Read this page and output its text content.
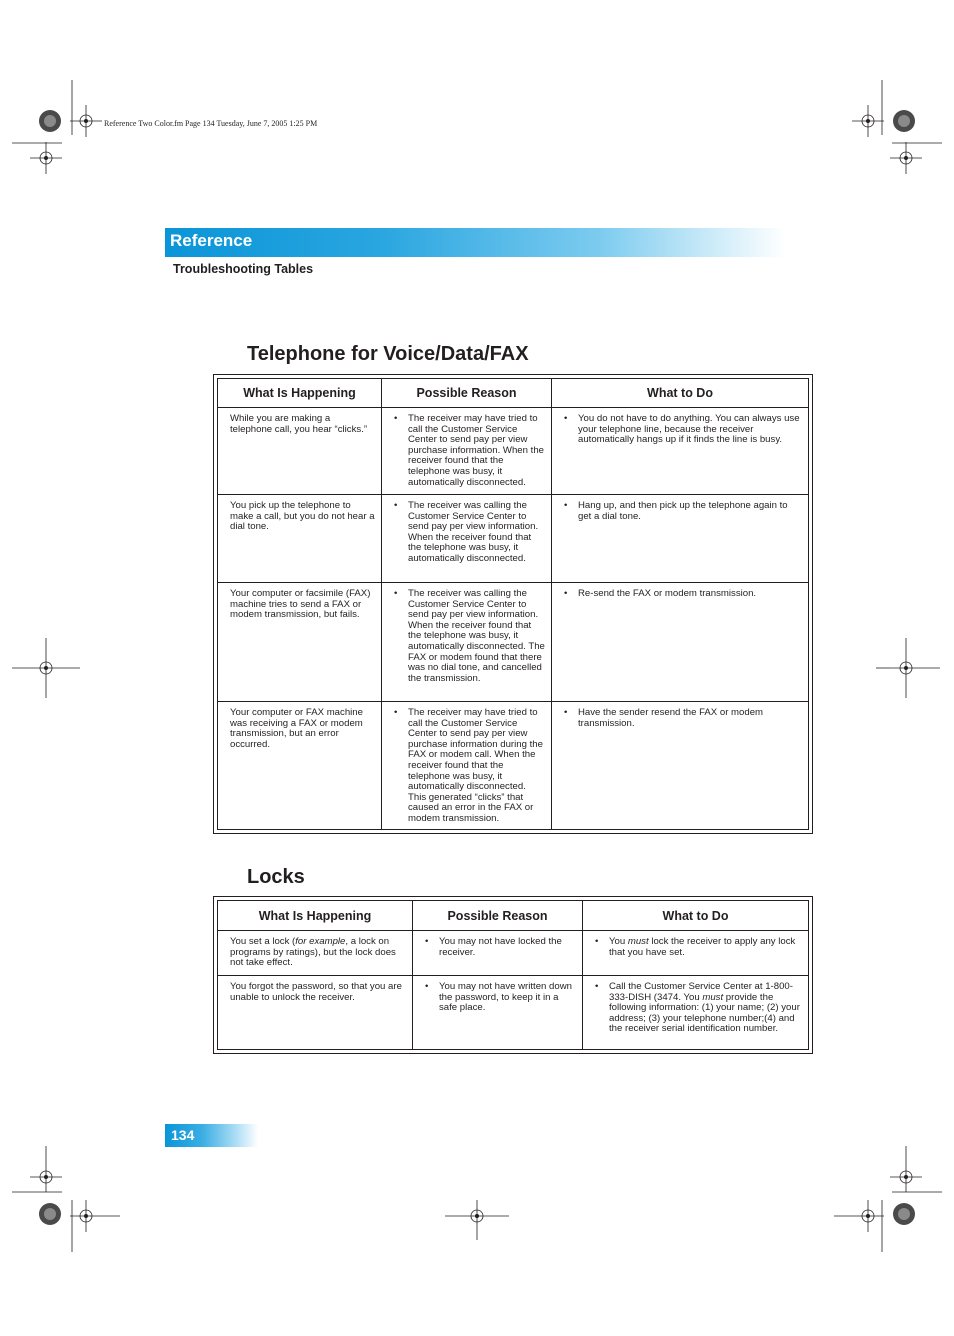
Reference Two Color.fm Page 134 Tuesday, June 7, 2005 1:25 PM
Reference
Troubleshooting Tables
Telephone for Voice/Data/FAX
What Is Happening	Possible Reason	What to Do
While you are making a telephone call, you hear “clicks.”	• The receiver may have tried to call the Customer Service Center to send pay per view purchase information. When the receiver found that the telephone was busy, it automatically disconnected.	• You do not have to do anything. You can always use your telephone line, because the receiver automatically hangs up if it finds the line is busy.

You pick up the telephone to make a call, but you do not hear a dial tone.	• The receiver was calling the Customer Service Center to send pay per view information. When the receiver found that the telephone was busy, it automatically disconnected.	• Hang up, and then pick up the telephone again to get a dial tone.

Your computer or facsimile (FAX) machine tries to send a FAX or modem transmission, but fails.	• The receiver was calling the Customer Service Center to send pay per view information. When the receiver found that the telephone was busy, it automatically disconnected. The FAX or modem found that there was no dial tone, and cancelled the transmission.	• Re-send the FAX or modem transmission.

Your computer or FAX machine was receiving a FAX or modem transmission, but an error occurred.	• The receiver may have tried to call the Customer Service Center to send pay per view purchase information during the FAX or modem call. When the receiver found that the telephone was busy, it automatically disconnected. This generated “clicks” that caused an error in the FAX or modem transmission.	• Have the sender resend the FAX or modem transmission.
Locks
What Is Happening	Possible Reason	What to Do
You set a lock (for example, a lock on programs by ratings), but the lock does not take effect.	• You may not have locked the receiver.	• You must lock the receiver to apply any lock that you have set.

You forgot the password, so that you are unable to unlock the receiver.	• You may not have written down the password, to keep it in a safe place.	• Call the Customer Service Center at 1-800-333-DISH (3474. You must provide the following information: (1) your name; (2) your address; (3) your telephone number;(4) and the receiver serial identification number.
134
